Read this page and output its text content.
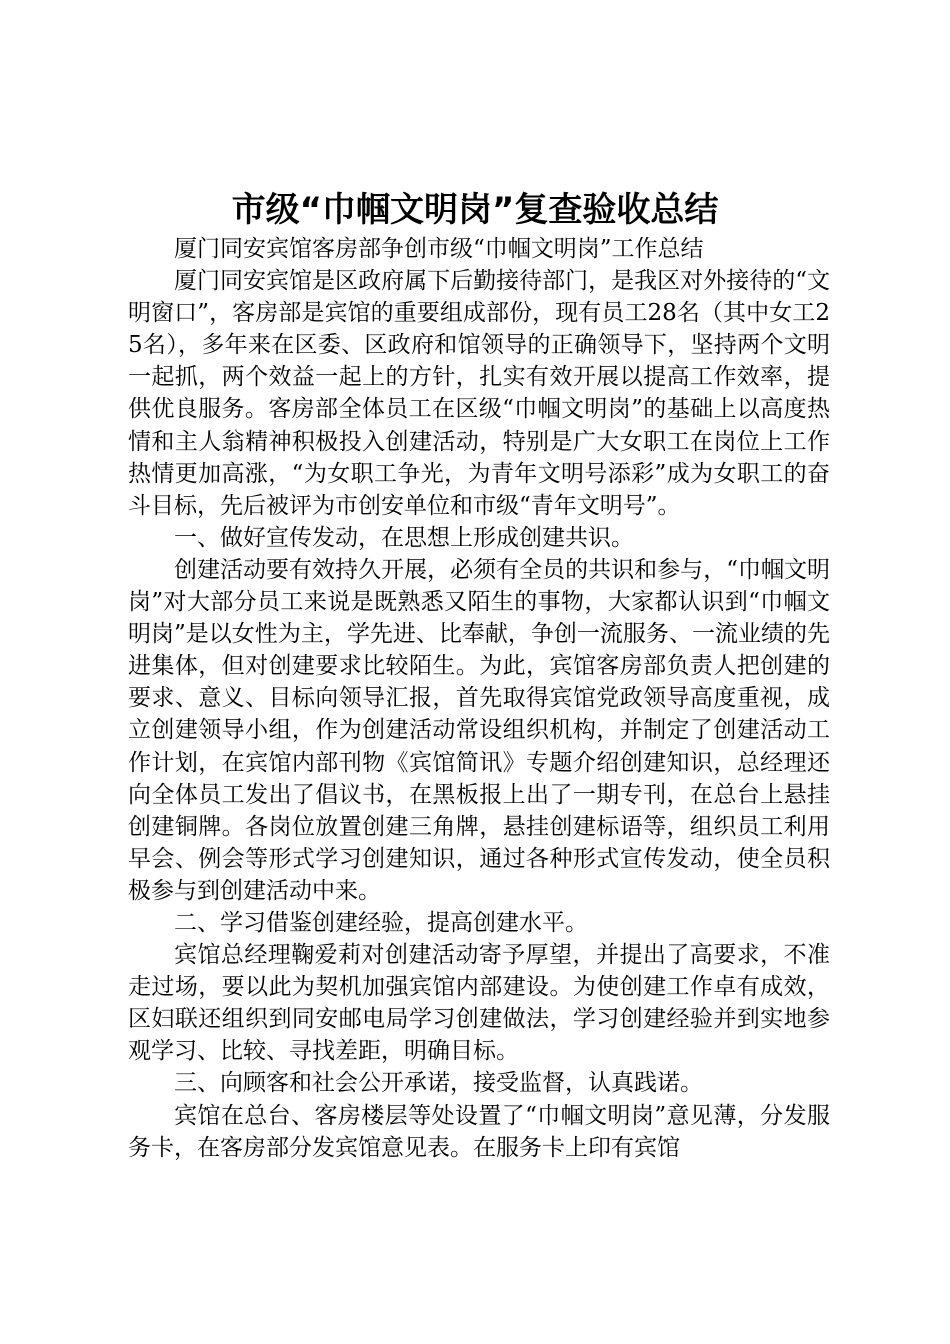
市级“巾帼文明岗”复查验收总结

厦门同安宾馆客房部争创市级“巾帼文明岗”工作总结

厦门同安宾馆是区政府属下后勤接待部门，是我区对外接待的“文明窗口”，客房部是宾馆的重要组成部份，现有员工28名（其中女工25名），多年来在区委、区政府和馆领导的正确领导下，坚持两个文明一起抓，两个效益一起上的方针，扎实有效开展以提高工作效率，提供优良服务。客房部全体员工在区级“巾帼文明岗”的基础上以高度热情和主人翁精神积极投入创建活动，特别是广大女职工在岗位上工作热情更加高涨，“为女职工争光，为青年文明号添彩”成为女职工的奋斗目标，先后被评为市创安单位和市级“青年文明号”。

一、做好宣传发动，在思想上形成创建共识。

创建活动要有效持久开展，必须有全员的共识和参与，“巾帼文明岗”对大部分员工来说是既熟悉又陌生的事物，大家都认识到“巾帼文明岗”是以女性为主，学先进、比奉献，争创一流服务、一流业绩的先进集体，但对创建要求比较陌生。为此，宾馆客房部负责人把创建的要求、意义、目标向领导汇报，首先取得宾馆党政领导高度重视，成立创建领导小组，作为创建活动常设组织机构，并制定了创建活动工作计划，在宾馆内部刊物《宾馆简讯》专题介绍创建知识，总经理还向全体员工发出了倡议书，在黑板报上出了一期专刊，在总台上悬挂创建铜牌。各岗位放置创建三角牌，悬挂创建标语等，组织员工利用早会、例会等形式学习创建知识，通过各种形式宣传发动，使全员积极参与到创建活动中来。

二、学习借鉴创建经验，提高创建水平。

宾馆总经理鞠爱莉对创建活动寄予厚望，并提出了高要求，不准走过场，要以此为契机加强宾馆内部建设。为使创建工作卓有成效，区妇联还组织到同安邮电局学习创建做法，学习创建经验并到实地参观学习、比较、寻找差距，明确目标。

三、向顾客和社会公开承诺，接受监督，认真践诺。

宾馆在总台、客房楼层等处设置了“巾帼文明岗”意见薄，分发服务卡，在客房部分发宾馆意见表。在服务卡上印有宾馆
